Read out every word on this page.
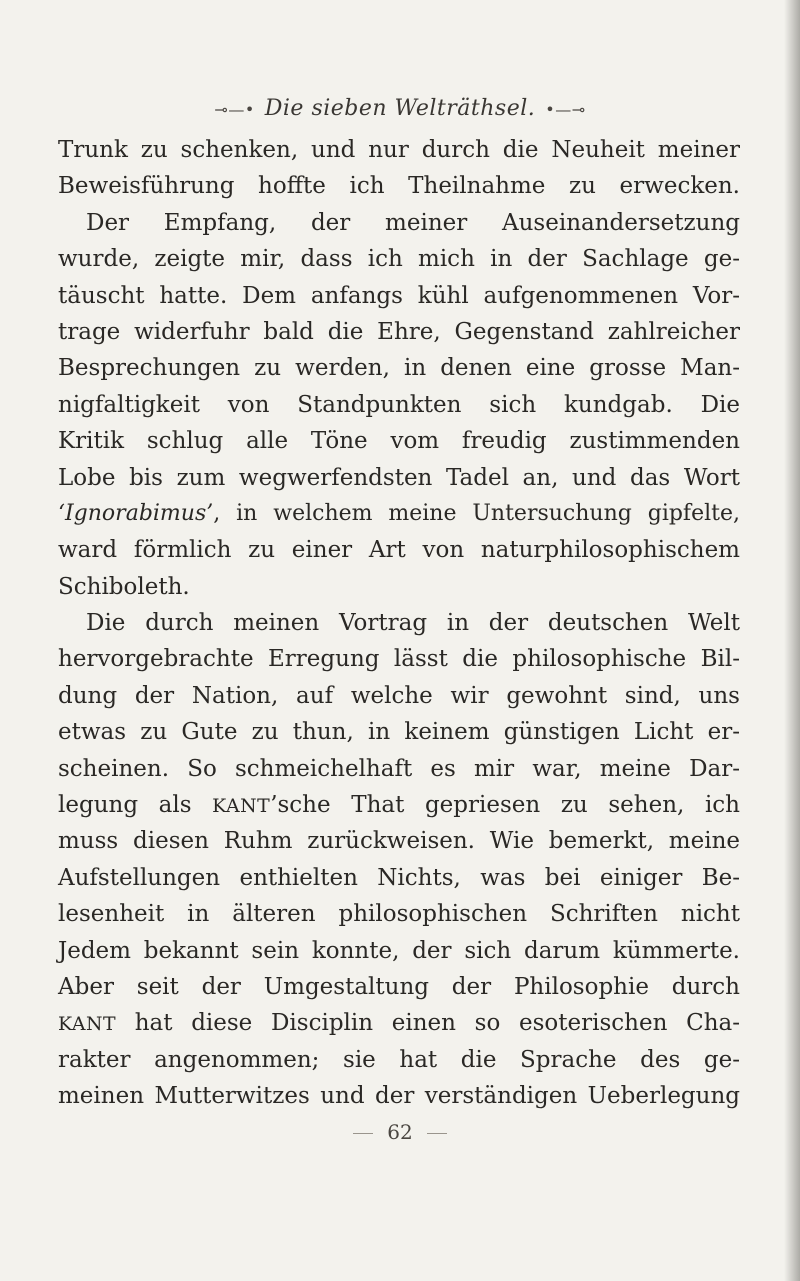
⊸—• Die sieben Welträthsel. •—⊸
Trunk zu schenken, und nur durch die Neuheit meiner
Beweisführung hoffte ich Theilnahme zu erwecken.
Der Empfang, der meiner Auseinandersetzung
wurde, zeigte mir, dass ich mich in der Sachlage ge-
täuscht hatte. Dem anfangs kühl aufgenommenen Vor-
trage widerfuhr bald die Ehre, Gegenstand zahlreicher
Besprechungen zu werden, in denen eine grosse Man-
nigfaltigkeit von Standpunkten sich kundgab. Die
Kritik schlug alle Töne vom freudig zustimmenden
Lobe bis zum wegwerfendsten Tadel an, und das Wort
‘Ignorabimus’, in welchem meine Untersuchung gipfelte,
ward förmlich zu einer Art von naturphilosophischem
Schiboleth.
Die durch meinen Vortrag in der deutschen Welt
hervorgebrachte Erregung lässt die philosophische Bil-
dung der Nation, auf welche wir gewohnt sind, uns
etwas zu Gute zu thun, in keinem günstigen Licht er-
scheinen. So schmeichelhaft es mir war, meine Dar-
legung als KANT’sche That gepriesen zu sehen, ich
muss diesen Ruhm zurückweisen. Wie bemerkt, meine
Aufstellungen enthielten Nichts, was bei einiger Be-
lesenheit in älteren philosophischen Schriften nicht
Jedem bekannt sein konnte, der sich darum kümmerte.
Aber seit der Umgestaltung der Philosophie durch
KANT hat diese Disciplin einen so esoterischen Cha-
rakter angenommen; sie hat die Sprache des ge-
meinen Mutterwitzes und der verständigen Ueberlegung
62
